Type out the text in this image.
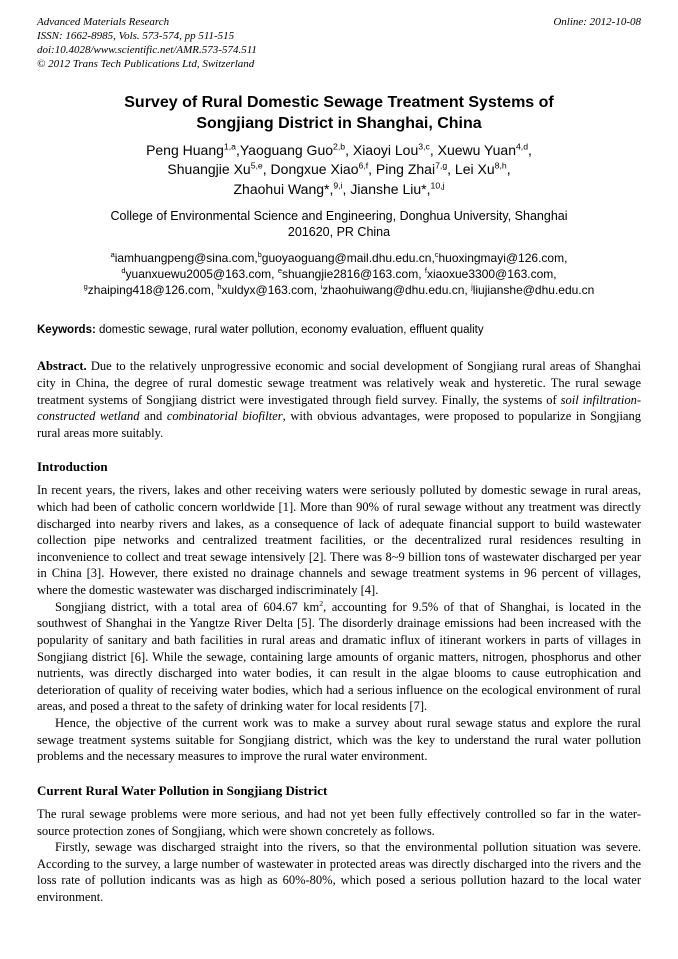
Advanced Materials Research
ISSN: 1662-8985, Vols. 573-574, pp 511-515
doi:10.4028/www.scientific.net/AMR.573-574.511
© 2012 Trans Tech Publications Ltd, Switzerland
Online: 2012-10-08
Survey of Rural Domestic Sewage Treatment Systems of
Songjiang District in Shanghai, China
Peng Huang$^{1,a}$,Yaoguang Guo$^{2,b}$, Xiaoyi Lou$^{3,c}$, Xuewu Yuan$^{4,d}$,
Shuangjie Xu$^{5,e}$, Dongxue Xiao$^{6,f}$, Ping Zhai$^{7,g}$, Lei Xu$^{8,h}$,
Zhaohui Wang*,$^{9,i}$, Jianshe Liu*,$^{10,j}$
College of Environmental Science and Engineering, Donghua University, Shanghai
201620, PR China
$^a$iamhuangpeng@sina.com,$^b$guoyaoguang@mail.dhu.edu.cn,$^c$huoxingmayi@126.com,
$^d$yuanxuewu2005@163.com, $^e$shuangjie2816@163.com, $^f$xiaoxue3300@163.com,
$^g$zhaiping418@126.com, $^h$xuldyx@163.com, $^i$zhaohuiwang@dhu.edu.cn, $^j$liujianshe@dhu.edu.cn
Keywords: domestic sewage, rural water pollution, economy evaluation, effluent quality

Abstract. Due to the relatively unprogressive economic and social development of Songjiang rural areas of Shanghai city in China, the degree of rural domestic sewage treatment was relatively weak and hysteretic. The rural sewage treatment systems of Songjiang district were investigated through field survey. Finally, the systems of soil infiltration-constructed wetland and combinatorial biofilter, with obvious advantages, were proposed to popularize in Songjiang rural areas more suitably.

Introduction

In recent years, the rivers, lakes and other receiving waters were seriously polluted by domestic sewage in rural areas, which had been of catholic concern worldwide [1]. More than 90% of rural sewage without any treatment was directly discharged into nearby rivers and lakes, as a consequence of lack of adequate financial support to build wastewater collection pipe networks and centralized treatment facilities, or the decentralized rural residences resulting in inconvenience to collect and treat sewage intensively [2]. There was 8~9 billion tons of wastewater discharged per year in China [3]. However, there existed no drainage channels and sewage treatment systems in 96 percent of villages, where the domestic wastewater was discharged indiscriminately [4].

Songjiang district, with a total area of 604.67 $km^2$, accounting for 9.5% of that of Shanghai, is located in the southwest of Shanghai in the Yangtze River Delta [5]. The disorderly drainage emissions had been increased with the popularity of sanitary and bath facilities in rural areas and dramatic influx of itinerant workers in parts of villages in Songjiang district [6]. While the sewage, containing large amounts of organic matters, nitrogen, phosphorus and other nutrients, was directly discharged into water bodies, it can result in the algae blooms to cause eutrophication and deterioration of quality of receiving water bodies, which had a serious influence on the ecological environment of rural areas, and posed a threat to the safety of drinking water for local residents [7].

Hence, the objective of the current work was to make a survey about rural sewage status and explore the rural sewage treatment systems suitable for Songjiang district, which was the key to understand the rural water pollution problems and the necessary measures to improve the rural water environment.

Current Rural Water Pollution in Songjiang District

The rural sewage problems were more serious, and had not yet been fully effectively controlled so far in the water-source protection zones of Songjiang, which were shown concretely as follows.

Firstly, sewage was discharged straight into the rivers, so that the environmental pollution situation was severe. According to the survey, a large number of wastewater in protected areas was directly discharged into the rivers and the loss rate of pollution indicants was as high as 60%-80%, which posed a serious pollution hazard to the local water environment.
